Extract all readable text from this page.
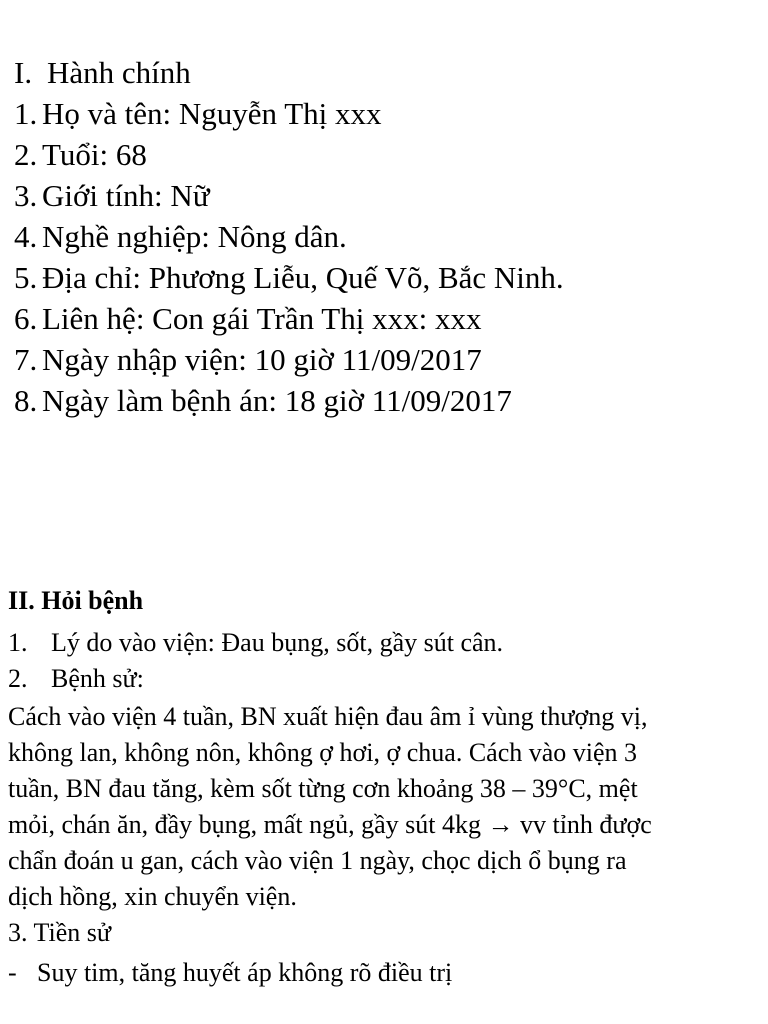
I. Hành chính
1. Họ và tên: Nguyễn Thị xxx
2. Tuổi: 68
3. Giới tính: Nữ
4. Nghề nghiệp: Nông dân.
5. Địa chỉ: Phương Liễu, Quế Võ, Bắc Ninh.
6. Liên hệ: Con gái Trần Thị xxx: xxx
7. Ngày nhập viện: 10 giờ 11/09/2017
8. Ngày làm bệnh án: 18 giờ 11/09/2017
II. Hỏi bệnh
1. Lý do vào viện: Đau bụng, sốt, gầy sút cân.
2. Bệnh sử:
Cách vào viện 4 tuần, BN xuất hiện đau âm ỉ vùng thượng vị,
không lan, không nôn, không ợ hơi, ợ chua. Cách vào viện 3
tuần, BN đau tăng, kèm sốt từng cơn khoảng 38 – 39°C, mệt
mỏi, chán ăn, đầy bụng, mất ngủ, gầy sút 4kg → vv tỉnh được
chẩn đoán u gan, cách vào viện 1 ngày, chọc dịch ổ bụng ra
dịch hồng, xin chuyển viện.
3. Tiền sử
- Suy tim, tăng huyết áp không rõ điều trị
